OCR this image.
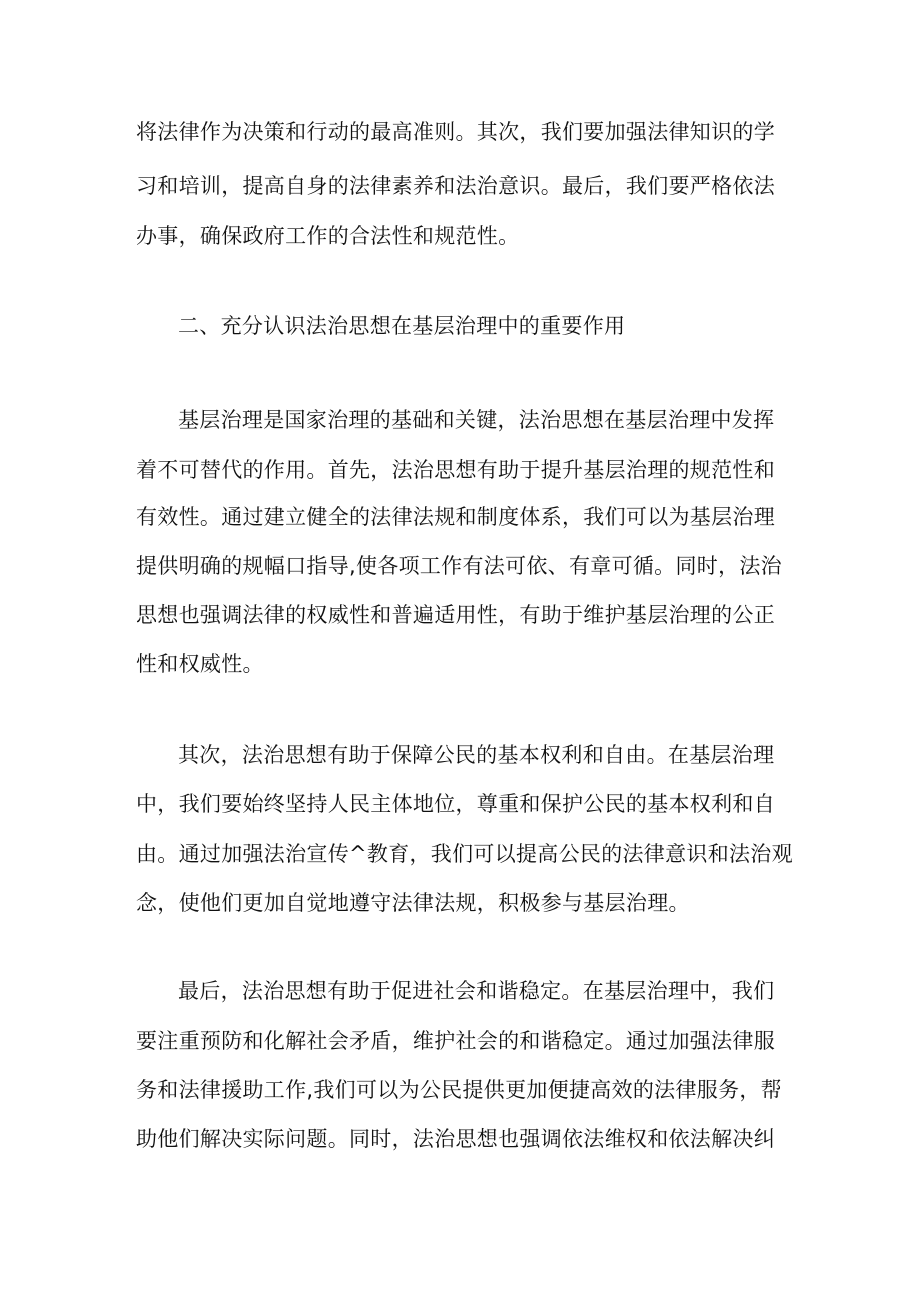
将法律作为决策和行动的最高准则。其次，我们要加强法律知识的学

习和培训，提高自身的法律素养和法治意识。最后，我们要严格依法

办事，确保政府工作的合法性和规范性。

二、充分认识法治思想在基层治理中的重要作用

基层治理是国家治理的基础和关键，法治思想在基层治理中发挥

着不可替代的作用。首先，法治思想有助于提升基层治理的规范性和

有效性。通过建立健全的法律法规和制度体系，我们可以为基层治理

提供明确的规幅口指导,使各项工作有法可依、有章可循。同时，法治

思想也强调法律的权威性和普遍适用性，有助于维护基层治理的公正

性和权威性。

其次，法治思想有助于保障公民的基本权利和自由。在基层治理

中，我们要始终坚持人民主体地位，尊重和保护公民的基本权利和自

由。通过加强法治宣传^教育，我们可以提高公民的法律意识和法治观

念，使他们更加自觉地遵守法律法规，积极参与基层治理。

最后，法治思想有助于促进社会和谐稳定。在基层治理中，我们

要注重预防和化解社会矛盾，维护社会的和谐稳定。通过加强法律服

务和法律援助工作,我们可以为公民提供更加便捷高效的法律服务，帮

助他们解决实际问题。同时，法治思想也强调依法维权和依法解决纠
